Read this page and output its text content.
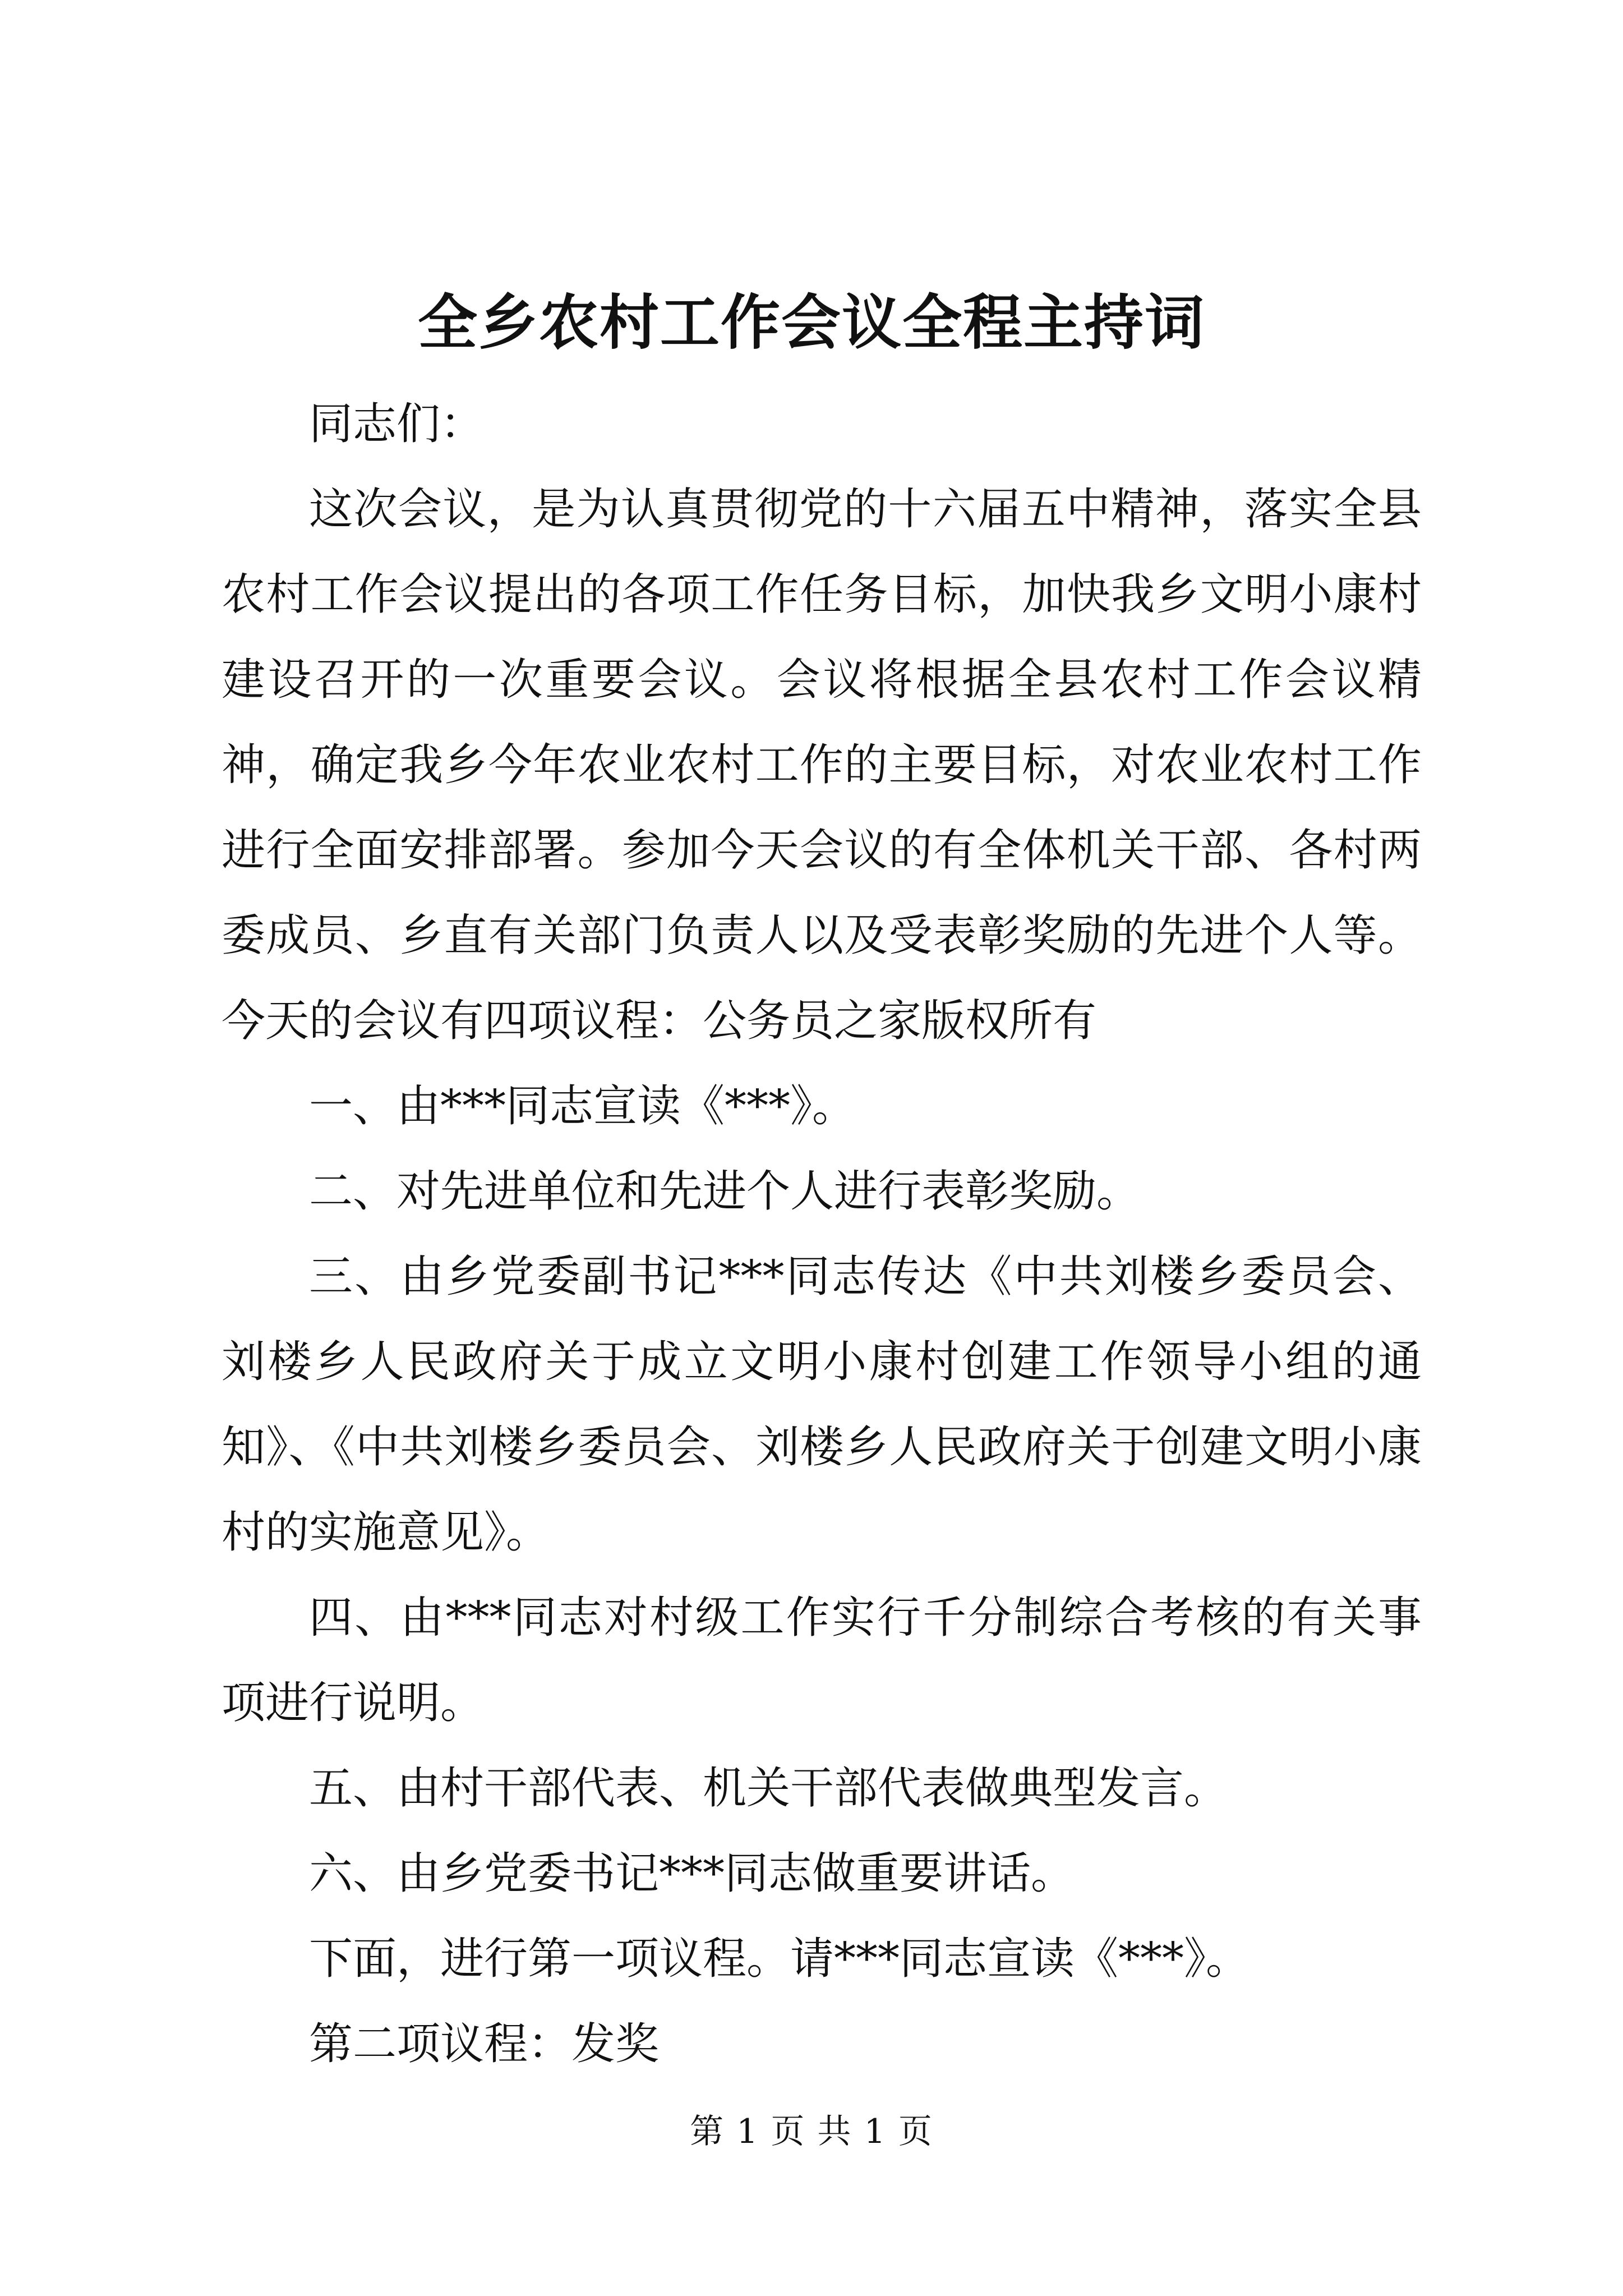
全乡农村工作会议全程主持词

同志们：

这次会议，是为认真贯彻党的十六届五中精神，落实全县农村工作会议提出的各项工作任务目标，加快我乡文明小康村建设召开的一次重要会议。会议将根据全县农村工作会议精神，确定我乡今年农业农村工作的主要目标，对农业农村工作进行全面安排部署。参加今天会议的有全体机关干部、各村两委成员、乡直有关部门负责人以及受表彰奖励的先进个人等。今天的会议有四项议程：公务员之家版权所有

一、由***同志宣读《***》。

二、对先进单位和先进个人进行表彰奖励。

三、由乡党委副书记***同志传达《中共刘楼乡委员会、刘楼乡人民政府关于成立文明小康村创建工作领导小组的通知》、《中共刘楼乡委员会、刘楼乡人民政府关于创建文明小康村的实施意见》。

四、由***同志对村级工作实行千分制综合考核的有关事项进行说明。

五、由村干部代表、机关干部代表做典型发言。

六、由乡党委书记***同志做重要讲话。

下面，进行第一项议程。请***同志宣读《***》。

第二项议程：发奖

第 1 页 共 1 页
